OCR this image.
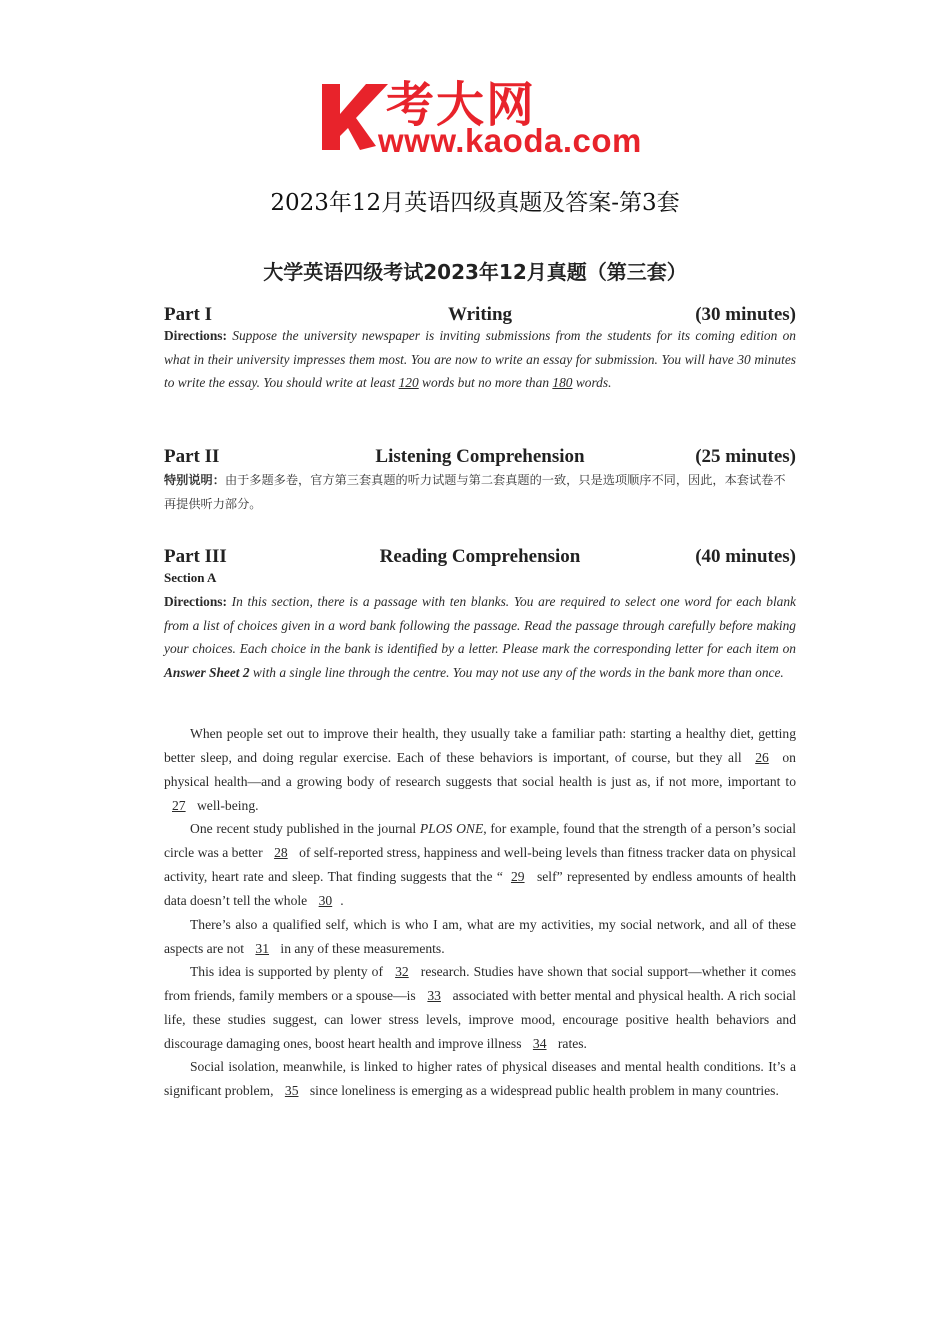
考大网
www.kaoda.com
2023年12月英语四级真题及答案-第3套
大学英语四级考试2023年12月真题（第三套）
Writing
Part I	(30 minutes)
Directions: Suppose the university newspaper is inviting submissions from the students for its coming edition on what in their university impresses them most. You are now to write an essay for submission. You will have 30 minutes to write the essay. You should write at least 120 words but no more than 180 words.
Listening Comprehension
Part II	(25 minutes)
特别说明：由于多题多卷，官方第三套真题的听力试题与第二套真题的一致，只是选项顺序不同，因此，本套试卷不再提供听力部分。
Reading Comprehension
Part III	(40 minutes)
Section A
Directions: In this section, there is a passage with ten blanks. You are required to select one word for each blank from a list of choices given in a word bank following the passage. Read the passage through carefully before making your choices. Each choice in the bank is identified by a letter. Please mark the corresponding letter for each item on Answer Sheet 2 with a single line through the centre. You may not use any of the words in the bank more than once.
When people set out to improve their health, they usually take a familiar path: starting a healthy diet, getting better sleep, and doing regular exercise. Each of these behaviors is important, of course, but they all 26 on physical health—and a growing body of research suggests that social health is just as, if not more, important to 27 well-being.
One recent study published in the journal PLOS ONE, for example, found that the strength of a person’s social circle was a better 28 of self-reported stress, happiness and well-being levels than fitness tracker data on physical activity, heart rate and sleep. That finding suggests that the “ 29 self” represented by endless amounts of health data doesn’t tell the whole 30 .
There’s also a qualified self, which is who I am, what are my activities, my social network, and all of these aspects are not 31 in any of these measurements.
This idea is supported by plenty of 32 research. Studies have shown that social support—whether it comes from friends, family members or a spouse—is 33 associated with better mental and physical health. A rich social life, these studies suggest, can lower stress levels, improve mood, encourage positive health behaviors and discourage damaging ones, boost heart health and improve illness 34 rates.
Social isolation, meanwhile, is linked to higher rates of physical diseases and mental health conditions. It’s a significant problem, 35 since loneliness is emerging as a widespread public health problem in many countries.
